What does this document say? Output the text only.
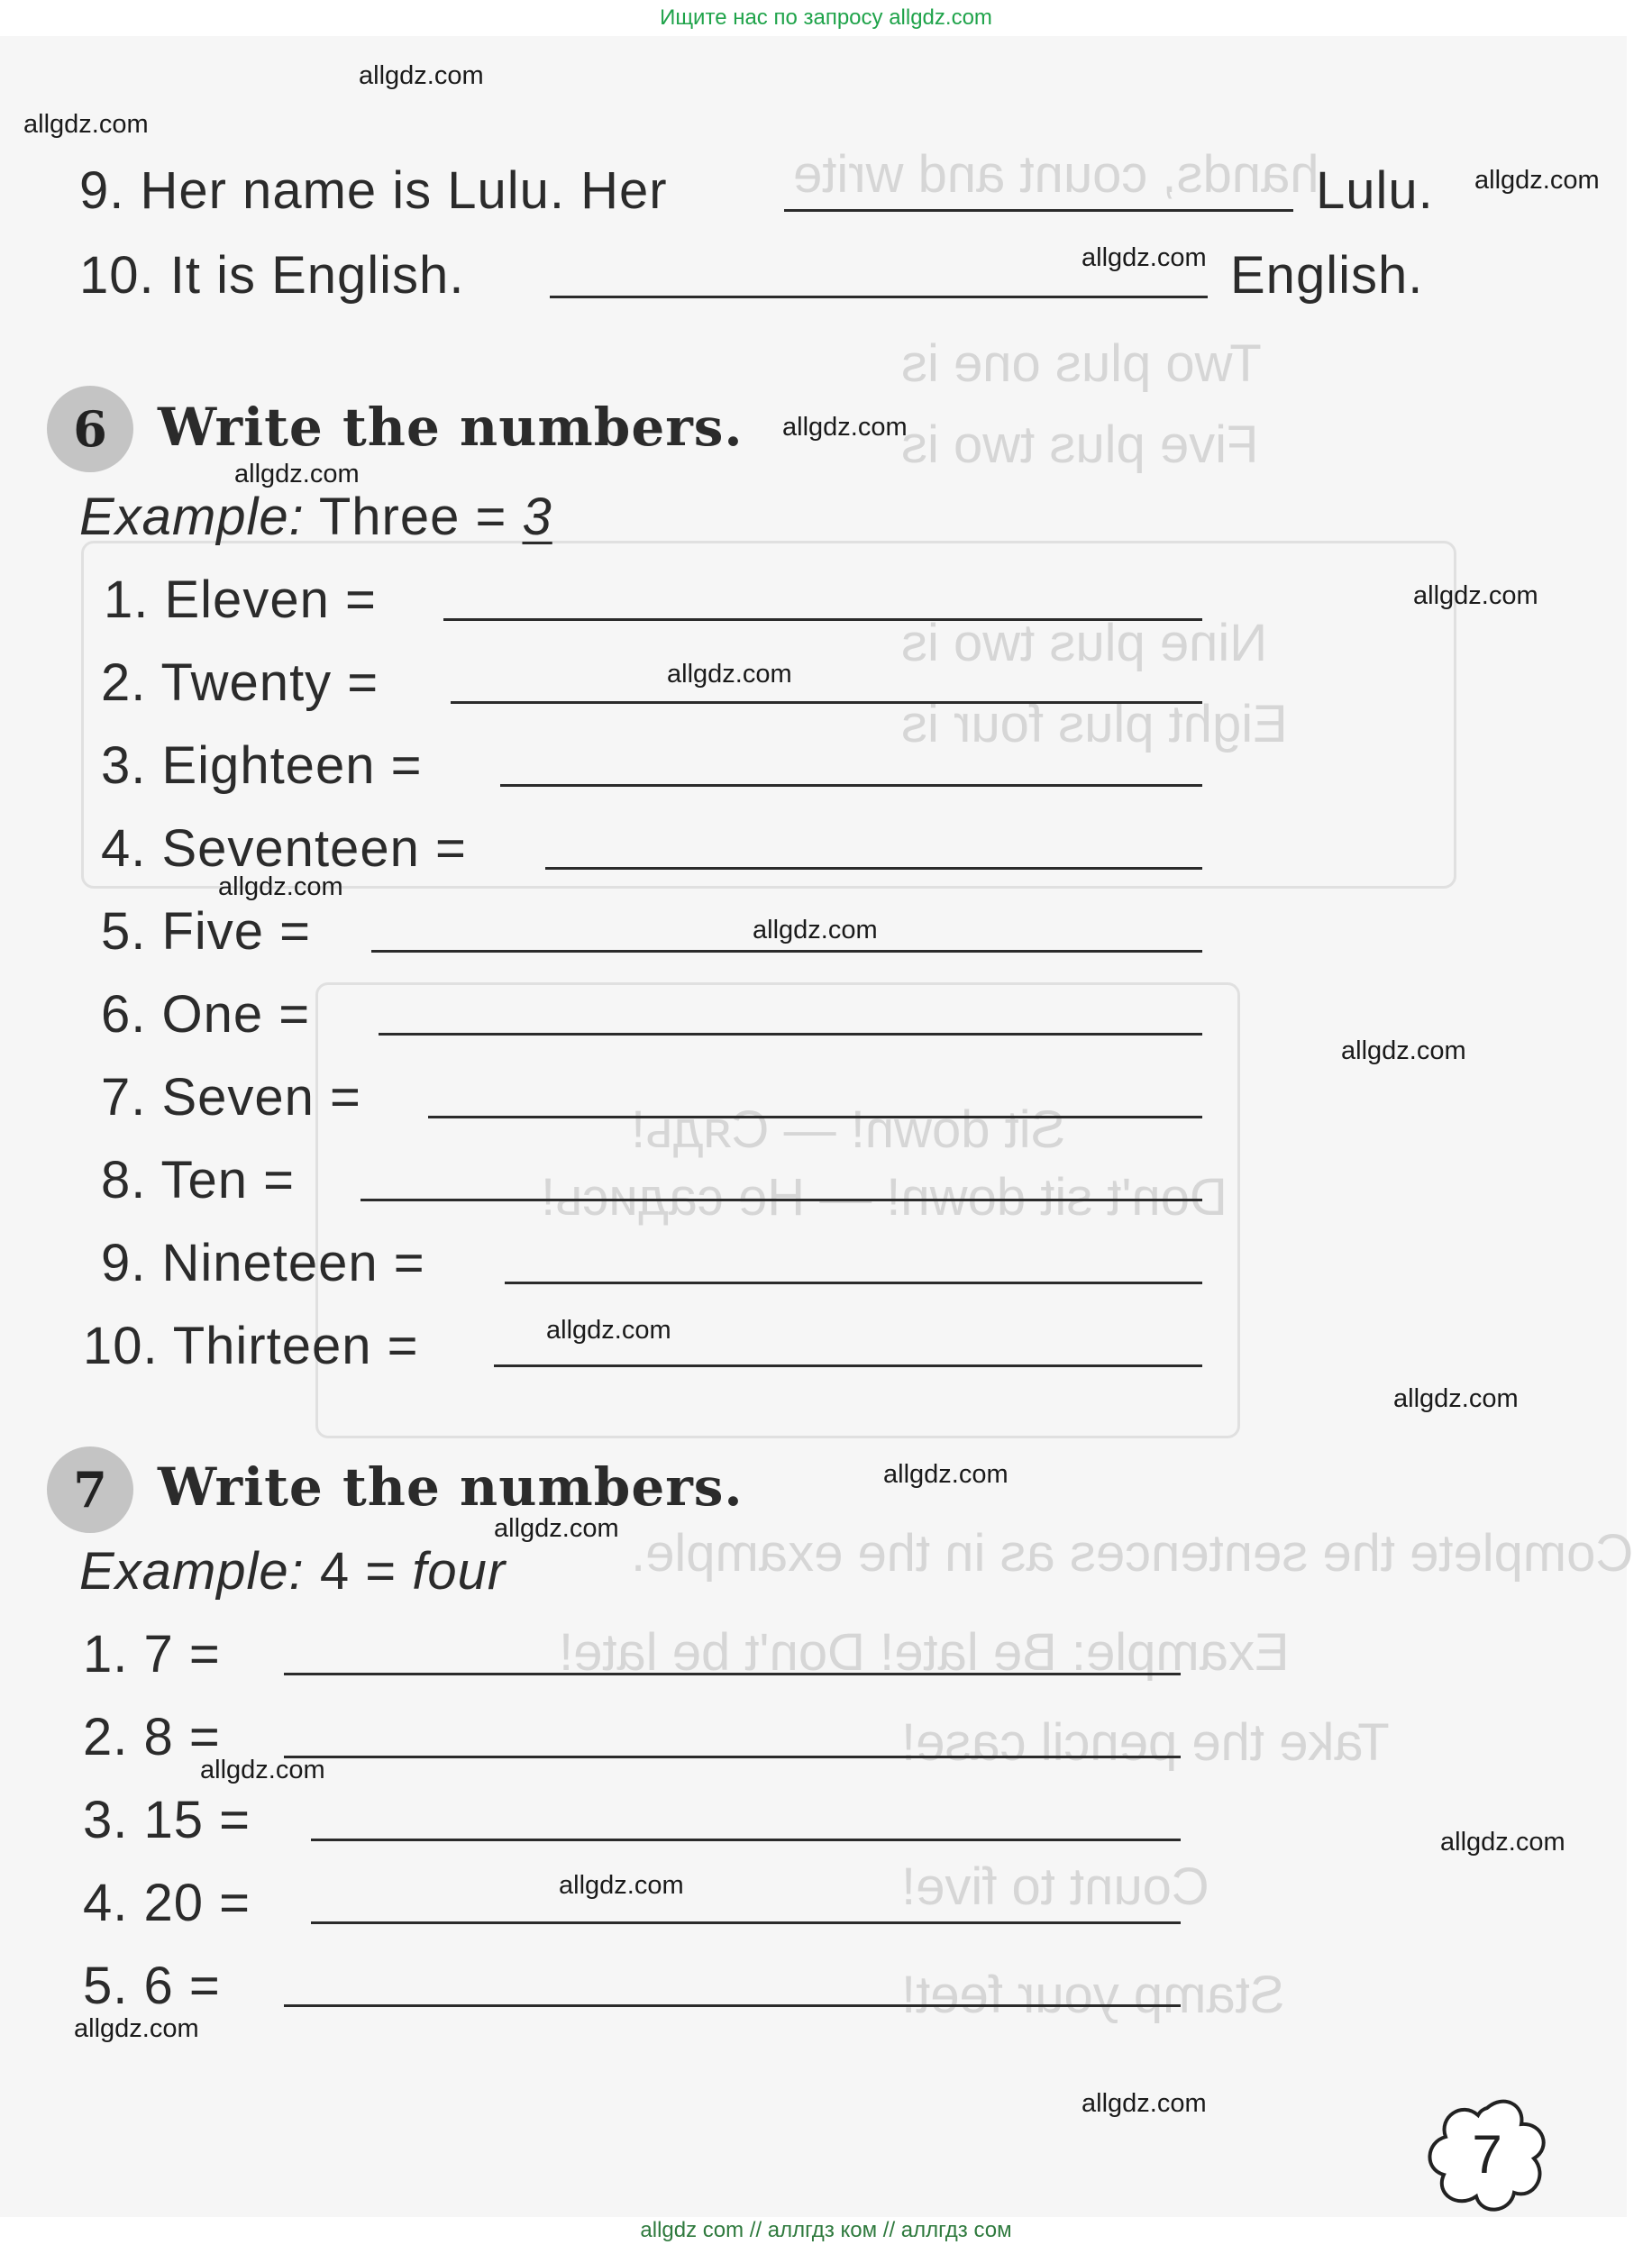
Ищите нас по запросу allgdz.com
hands, count and write
Two plus one is
Five plus two is
Nine plus two is
Eight plus four is
Sit down! — Сядь!
Don't sit down! — Не садись!
Complete the sentences as in the example.
Example: Be late! Don't be late!
Take the pencil case!
Count to five!
Stamp your feet!
9. Her name is Lulu. Her	Lulu.
10. It is English.	English.
6 Write the numbers.
Example: Three = 3
1. Eleven =
2. Twenty =
3. Eighteen =
4. Seventeen =
5. Five =
6. One =
7. Seven =
8. Ten =
9. Nineteen =
10. Thirteen =
7 Write the numbers.
Example: 4 = four
1. 7 =
2. 8 =
3. 15 =
4. 20 =
5. 6 =
7
allgdz.com
allgdz.com
allgdz.com
allgdz.com
allgdz.com
allgdz.com
allgdz.com
allgdz.com
allgdz.com
allgdz.com
allgdz.com
allgdz.com
allgdz.com
allgdz.com
allgdz.com
allgdz.com
allgdz.com
allgdz.com
allgdz.com
allgdz.com
allgdz com // аллгдз ком // аллгдз сом
